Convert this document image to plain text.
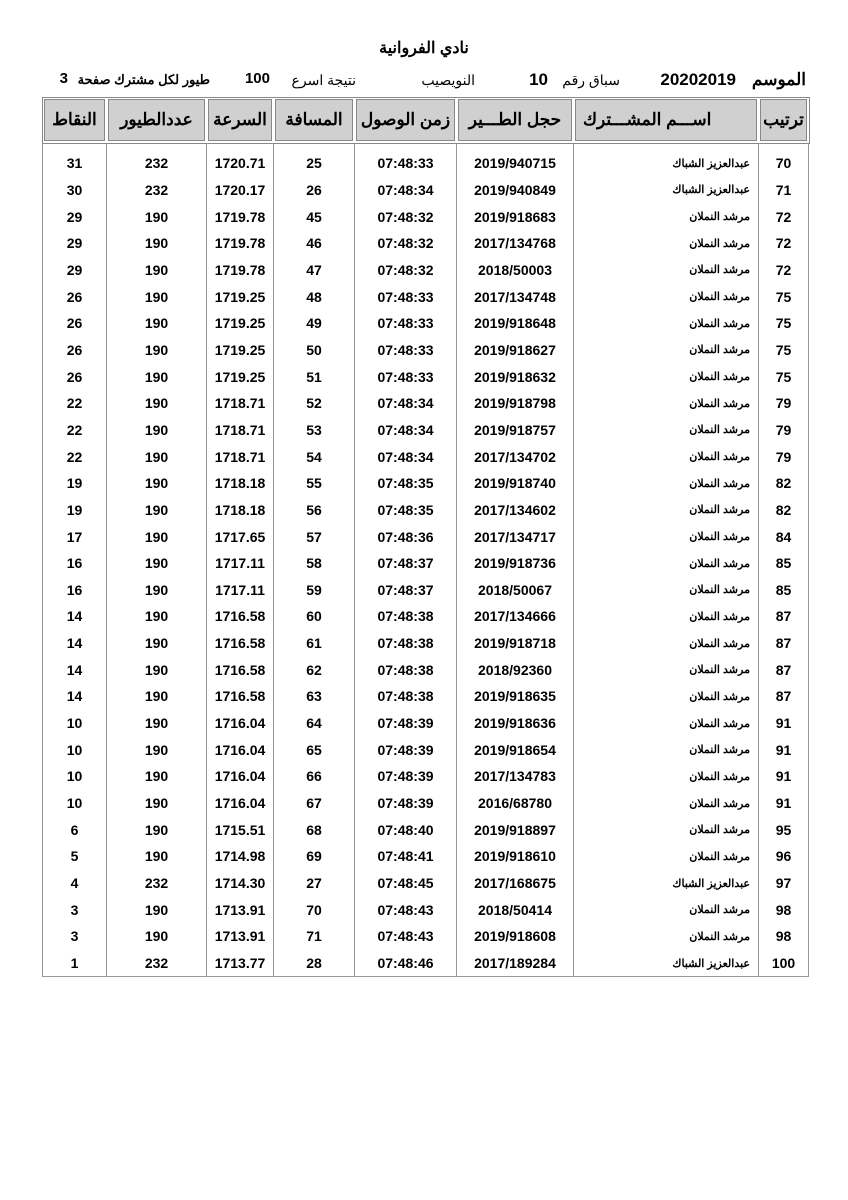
نادي الفروانية
الموسم
20202019
سباق رقم
10
النويصيب
نتيجة اسرع
100
طيور لكل مشترك صفحة
3
ترتيب	اســـم المشـــترك	حجل الطـــير	زمن الوصول	المسافة	السرعة	عددالطيور	النقاط
70	عبدالعزيز الشباك	2019/940715	07:48:33	25	1720.71	232	31
71	عبدالعزيز الشباك	2019/940849	07:48:34	26	1720.17	232	30
72	مرشد النملان	2019/918683	07:48:32	45	1719.78	190	29
72	مرشد النملان	2017/134768	07:48:32	46	1719.78	190	29
72	مرشد النملان	2018/50003	07:48:32	47	1719.78	190	29
75	مرشد النملان	2017/134748	07:48:33	48	1719.25	190	26
75	مرشد النملان	2019/918648	07:48:33	49	1719.25	190	26
75	مرشد النملان	2019/918627	07:48:33	50	1719.25	190	26
75	مرشد النملان	2019/918632	07:48:33	51	1719.25	190	26
79	مرشد النملان	2019/918798	07:48:34	52	1718.71	190	22
79	مرشد النملان	2019/918757	07:48:34	53	1718.71	190	22
79	مرشد النملان	2017/134702	07:48:34	54	1718.71	190	22
82	مرشد النملان	2019/918740	07:48:35	55	1718.18	190	19
82	مرشد النملان	2017/134602	07:48:35	56	1718.18	190	19
84	مرشد النملان	2017/134717	07:48:36	57	1717.65	190	17
85	مرشد النملان	2019/918736	07:48:37	58	1717.11	190	16
85	مرشد النملان	2018/50067	07:48:37	59	1717.11	190	16
87	مرشد النملان	2017/134666	07:48:38	60	1716.58	190	14
87	مرشد النملان	2019/918718	07:48:38	61	1716.58	190	14
87	مرشد النملان	2018/92360	07:48:38	62	1716.58	190	14
87	مرشد النملان	2019/918635	07:48:38	63	1716.58	190	14
91	مرشد النملان	2019/918636	07:48:39	64	1716.04	190	10
91	مرشد النملان	2019/918654	07:48:39	65	1716.04	190	10
91	مرشد النملان	2017/134783	07:48:39	66	1716.04	190	10
91	مرشد النملان	2016/68780	07:48:39	67	1716.04	190	10
95	مرشد النملان	2019/918897	07:48:40	68	1715.51	190	6
96	مرشد النملان	2019/918610	07:48:41	69	1714.98	190	5
97	عبدالعزيز الشباك	2017/168675	07:48:45	27	1714.30	232	4
98	مرشد النملان	2018/50414	07:48:43	70	1713.91	190	3
98	مرشد النملان	2019/918608	07:48:43	71	1713.91	190	3
100	عبدالعزيز الشباك	2017/189284	07:48:46	28	1713.77	232	1
